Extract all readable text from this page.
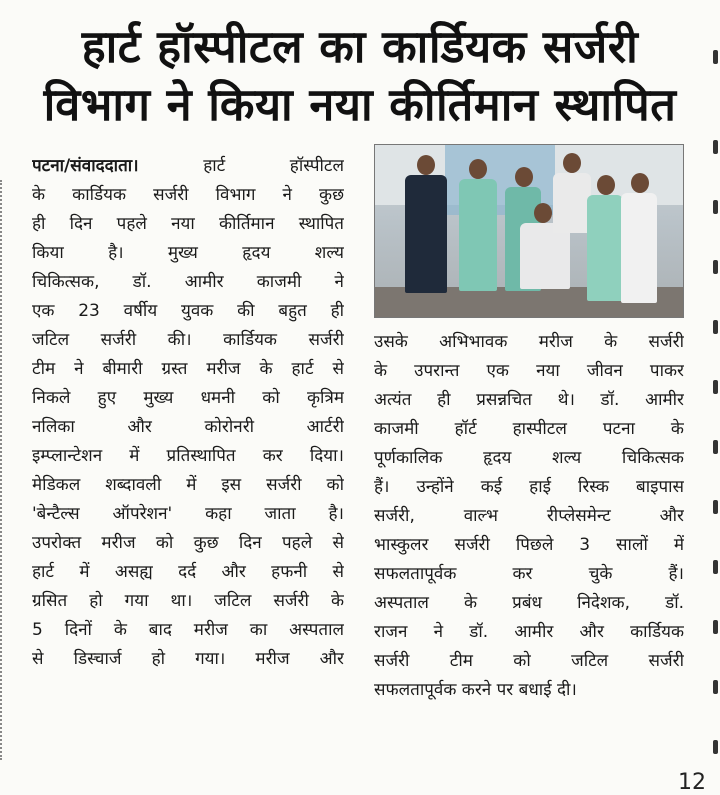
हार्ट हॉस्पीटल का कार्डियक सर्जरी
विभाग ने किया नया कीर्तिमान स्थापित
पटना/संवाददाता।	हार्ट हॉस्पीटल
के कार्डियक सर्जरी विभाग ने कुछ
ही दिन पहले नया कीर्तिमान स्थापित
किया है। मुख्य हृदय शल्य
चिकित्सक, डॉ. आमीर काजमी ने
एक 23 वर्षीय युवक की बहुत ही
जटिल सर्जरी की। कार्डियक सर्जरी
टीम ने बीमारी ग्रस्त मरीज के हार्ट से
निकले हुए मुख्य धमनी को कृत्रिम
नलिका और कोरोनरी आर्टरी
इम्प्लान्टेशन में प्रतिस्थापित कर दिया।
मेडिकल शब्दावली में इस सर्जरी को
'बेन्टैल्स ऑपरेशन' कहा जाता है।
उपरोक्त मरीज को कुछ दिन पहले से
हार्ट में असह्य दर्द और हफनी से
ग्रसित हो गया था। जटिल सर्जरी के
5 दिनों के बाद मरीज का अस्पताल
से डिस्चार्ज हो गया। मरीज और
उसके अभिभावक मरीज के सर्जरी
के उपरान्त एक नया जीवन पाकर
अत्यंत ही प्रसन्नचित थे। डॉ. आमीर
काजमी हॉर्ट हास्पीटल पटना के
पूर्णकालिक हृदय शल्य चिकित्सक
हैं। उन्होंने कई हाई रिस्क बाइपास
सर्जरी, वाल्भ रीप्लेसमेन्ट और
भास्कुलर सर्जरी पिछले 3 सालों में
सफलतापूर्वक कर चुके हैं।
अस्पताल के प्रबंध निदेशक, डॉ.
राजन ने डॉ. आमीर और कार्डियक
सर्जरी टीम को जटिल सर्जरी
सफलतापूर्वक करने पर बधाई दी।
12
